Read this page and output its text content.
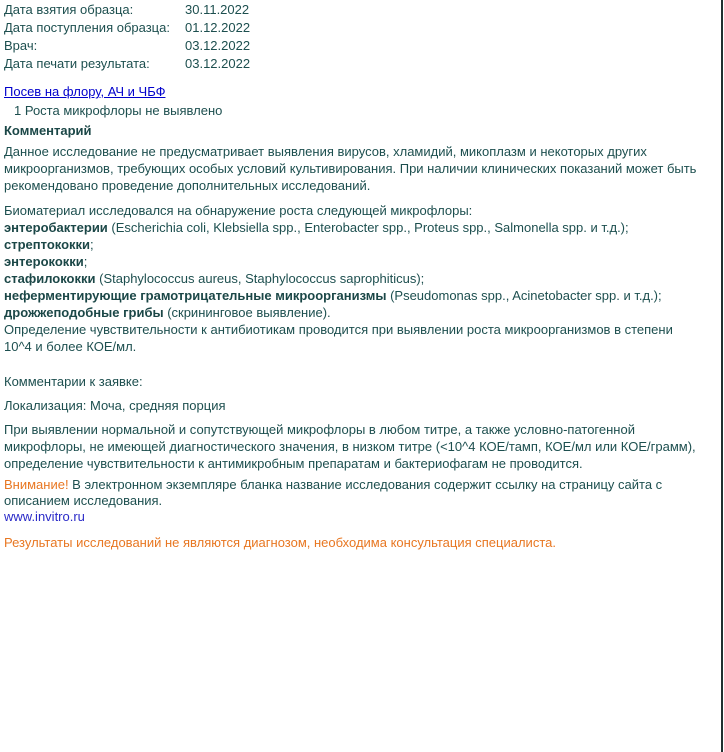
Дата взятия образца:	30.11.2022
Дата поступления образца:	01.12.2022
Врач:	03.12.2022
Дата печати результата:	03.12.2022
Посев на флору, АЧ и ЧБФ
1 Роста микрофлоры не выявлено
Комментарий
Данное исследование не предусматривает выявления вирусов, хламидий, микоплазм и некоторых других микроорганизмов, требующих особых условий культивирования. При наличии клинических показаний может быть рекомендовано проведение дополнительных исследований.
Биоматериал исследовался на обнаружение роста следующей микрофлоры:
энтеробактерии (Escherichia coli, Klebsiella spp., Enterobacter spp., Proteus spp., Salmonella spp. и т.д.);
стрептококки;
энтерококки;
стафилококки (Staphylococcus aureus, Staphylococcus saprophiticus);
неферментирующие грамотрицательные микроорганизмы (Pseudomonas spp., Acinetobacter spp. и т.д.);
дрожжеподобные грибы (скрининговое выявление).
Определение чувствительности к антибиотикам проводится при выявлении роста микроорганизмов в степени 10^4 и более КОЕ/мл.
Комментарии к заявке:
Локализация: Моча, средняя порция
При выявлении нормальной и сопутствующей микрофлоры в любом титре, а также условно-патогенной микрофлоры, не имеющей диагностического значения, в низком титре (<10^4 КОЕ/тамп, КОЕ/мл или КОЕ/грамм), определение чувствительности к антимикробным препаратам и бактериофагам не проводится.
Внимание! В электронном экземпляре бланка название исследования содержит ссылку на страницу сайта с описанием исследования.
www.invitro.ru
Результаты исследований не являются диагнозом, необходима консультация специалиста.
